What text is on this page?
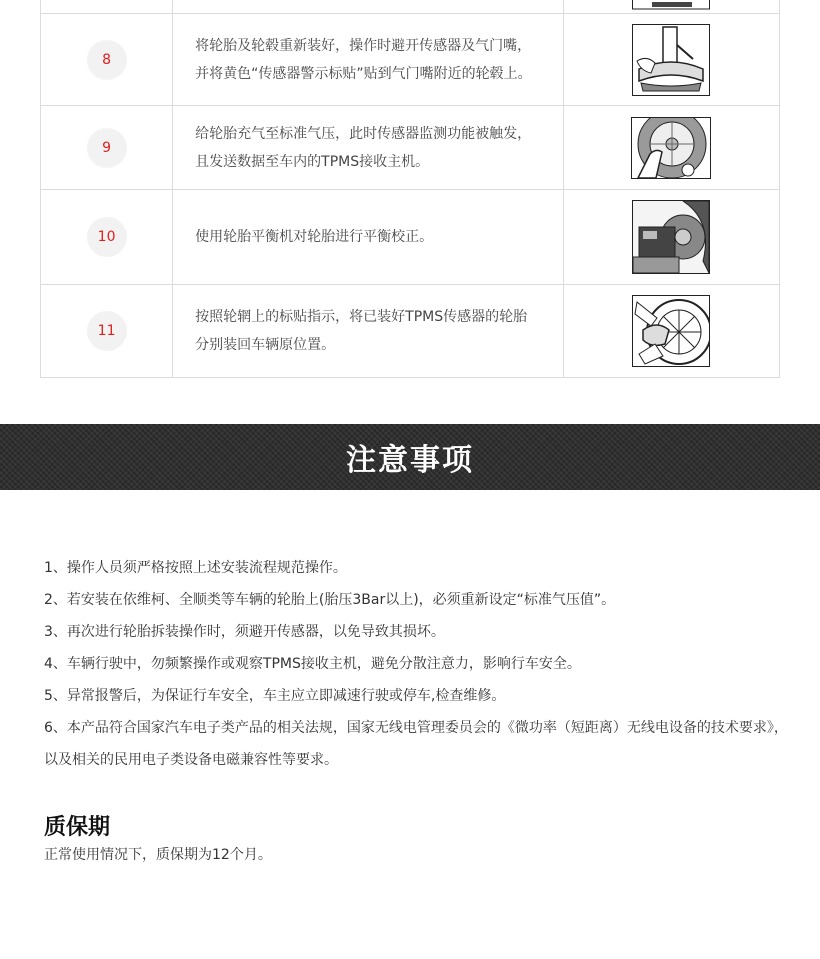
8	将轮胎及轮毂重新装好，操作时避开传感器及气门嘴，并将黄色“传感器警示标贴”贴到气门嘴附近的轮毂上。

9	给轮胎充气至标准气压，此时传感器监测功能被触发，且发送数据至车内的TPMS接收主机。

10	使用轮胎平衡机对轮胎进行平衡校正。

11	按照轮辋上的标贴指示，将已装好TPMS传感器的轮胎分别装回车辆原位置。

注意事项

1、操作人员须严格按照上述安装流程规范操作。

2、若安装在依维柯、全顺类等车辆的轮胎上(胎压3Bar以上)，必须重新设定“标准气压值”。

3、再次进行轮胎拆装操作时，须避开传感器，以免导致其损坏。

4、车辆行驶中，勿频繁操作或观察TPMS接收主机，避免分散注意力，影响行车安全。

5、异常报警后，为保证行车安全，车主应立即减速行驶或停车,检查维修。

6、本产品符合国家汽车电子类产品的相关法规，国家无线电管理委员会的《微功率（短距离）无线电设备的技术要求》，以及相关的民用电子类设备电磁兼容性等要求。

质保期
正常使用情况下，质保期为12个月。
